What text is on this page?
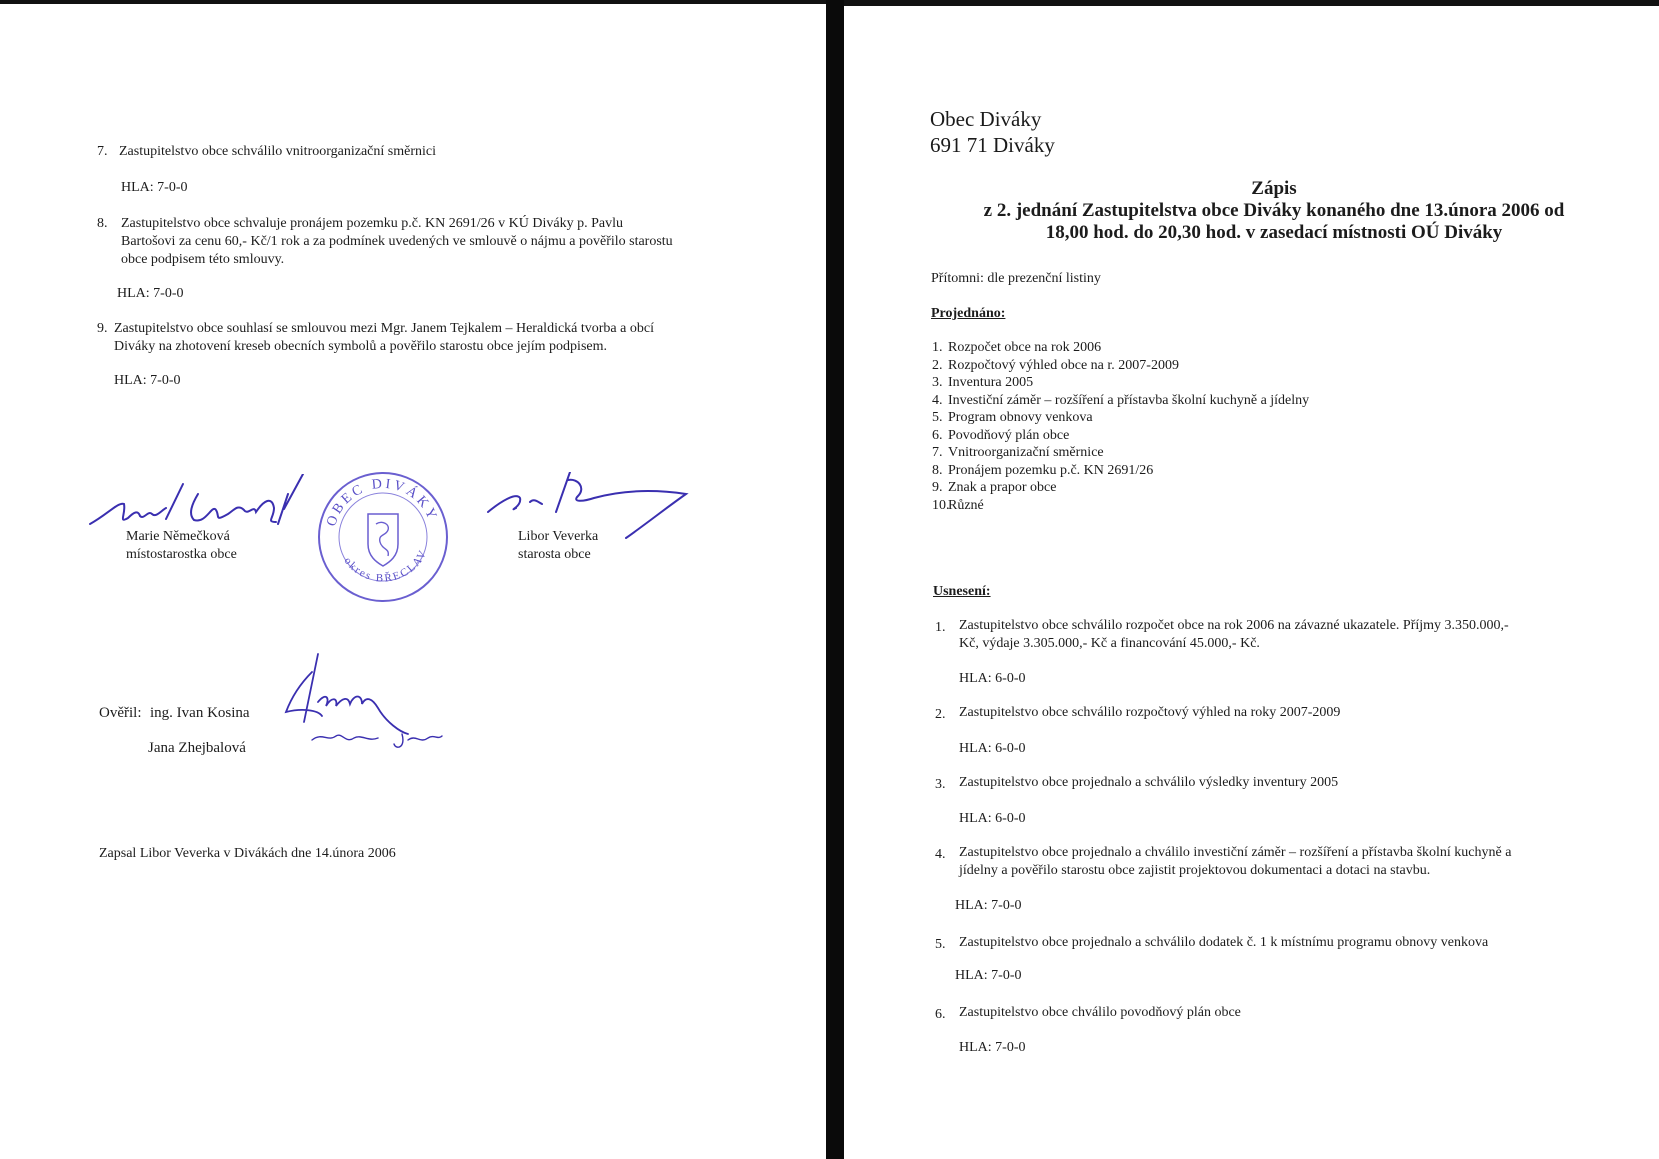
7. Zastupitelstvo obce schválilo vnitroorganizační směrnici
HLA: 7-0-0
8. Zastupitelstvo obce schvaluje pronájem pozemku p.č. KN 2691/26 v KÚ Diváky p. Pavlu
Bartošovi za cenu 60,- Kč/1 rok a za podmínek uvedených ve smlouvě o nájmu a pověřilo starostu
obce podpisem této smlouvy.
HLA: 7-0-0
9. Zastupitelstvo obce souhlasí se smlouvou mezi Mgr. Janem Tejkalem – Heraldická tvorba a obcí
Diváky na zhotovení kreseb obecních symbolů a pověřilo starostu obce jejím podpisem.
HLA: 7-0-0
Marie Němečková
místostarostka obce
OBEC DIVÁKY
okres BŘECLAV
Libor Veverka
starosta obce
Ověřil: ing. Ivan Kosina
Jana Zhejbalová
Zapsal Libor Veverka v Divákách dne 14.února 2006
Obec Diváky
691 71 Diváky
Zápis
z 2. jednání Zastupitelstva obce Diváky konaného dne 13.února 2006 od
18,00 hod. do 20,30 hod. v zasedací místnosti OÚ Diváky
Přítomni: dle prezenční listiny
Projednáno:
1. Rozpočet obce na rok 2006
2. Rozpočtový výhled obce na r. 2007-2009
3. Inventura 2005
4. Investiční záměr – rozšíření a přístavba školní kuchyně a jídelny
5. Program obnovy venkova
6. Povodňový plán obce
7. Vnitroorganizační směrnice
8. Pronájem pozemku p.č. KN 2691/26
9. Znak a prapor obce
10.Různé
Usnesení:
1. Zastupitelstvo obce schválilo rozpočet obce na rok 2006 na závazné ukazatele. Příjmy 3.350.000,-
Kč, výdaje 3.305.000,- Kč a financování 45.000,- Kč.
HLA: 6-0-0
2. Zastupitelstvo obce schválilo rozpočtový výhled na roky 2007-2009
HLA: 6-0-0
3. Zastupitelstvo obce projednalo a schválilo výsledky inventury 2005
HLA: 6-0-0
4. Zastupitelstvo obce projednalo a chválilo investiční záměr – rozšíření a přístavba školní kuchyně a
jídelny a pověřilo starostu obce zajistit projektovou dokumentaci a dotaci na stavbu.
HLA: 7-0-0
5. Zastupitelstvo obce projednalo a schválilo dodatek č. 1 k místnímu programu obnovy venkova
HLA: 7-0-0
6. Zastupitelstvo obce chválilo povodňový plán obce
HLA: 7-0-0
